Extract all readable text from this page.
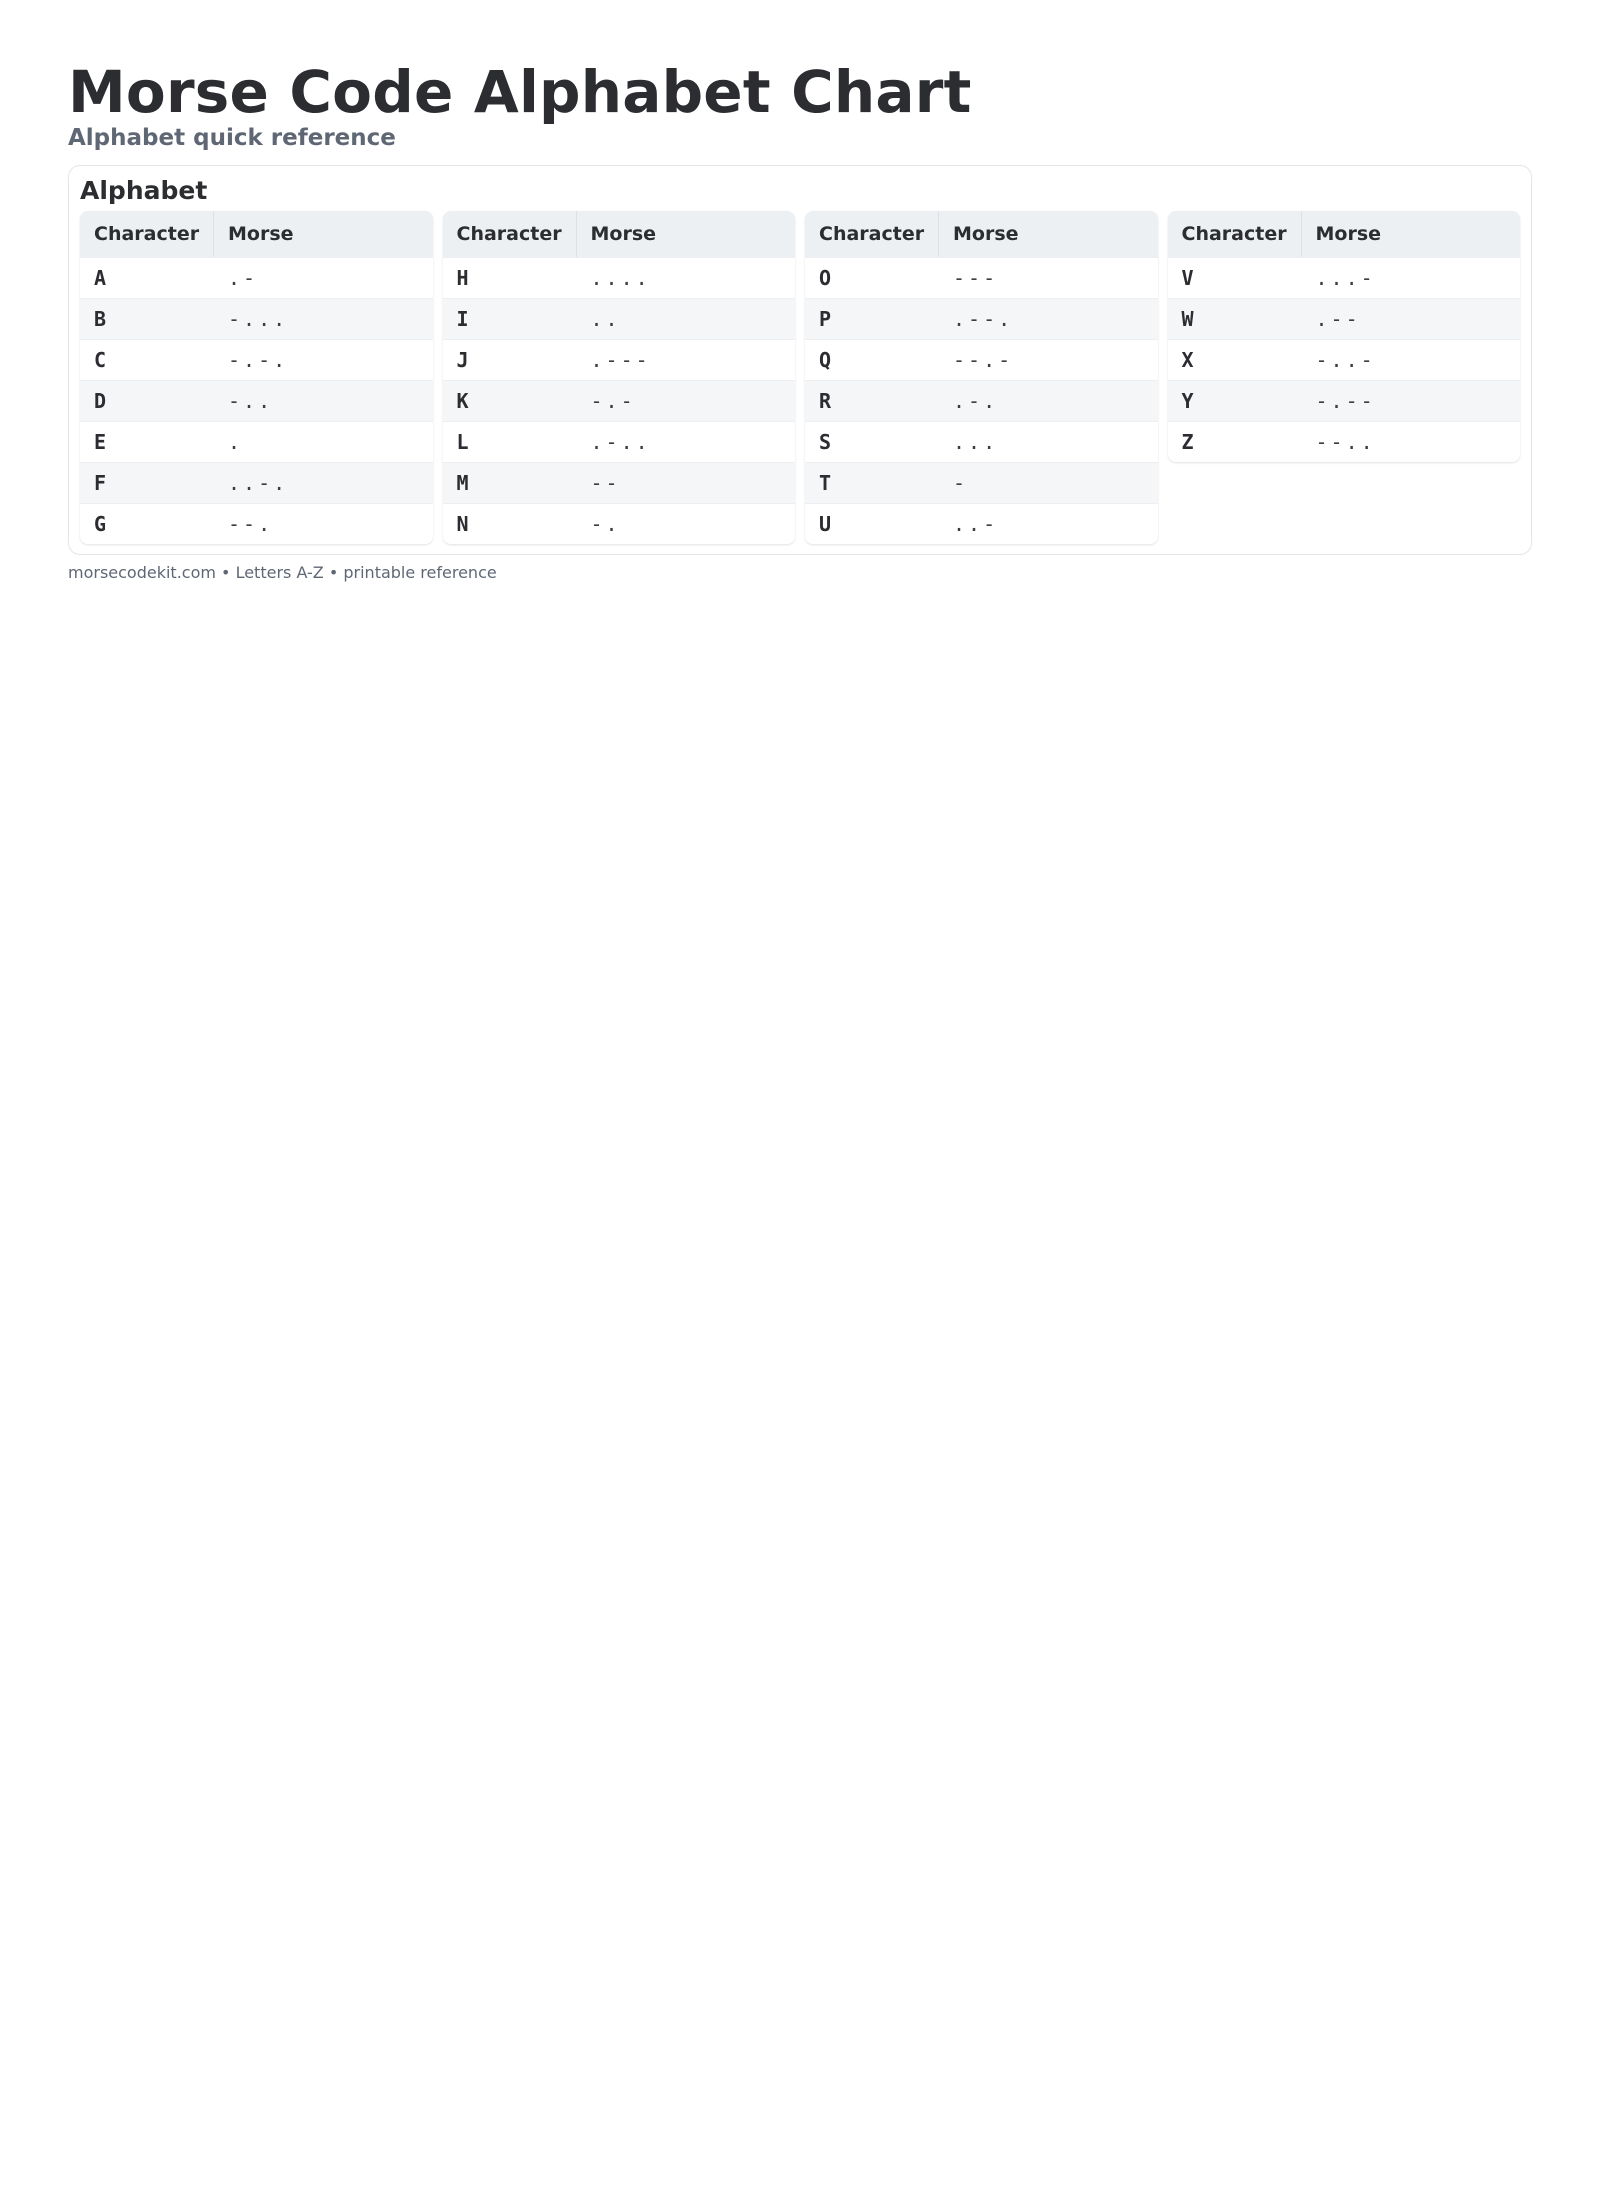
Morse Code Alphabet Chart
Alphabet quick reference
Alphabet
Character	Morse
A	.-
B	-...
C	-.-.
D	-..
E	.
F	..-.
G	--.
Character	Morse
H	....
I	..
J	.---
K	-.-
L	.-..
M	--
N	-.
Character	Morse
O	---
P	.--.
Q	--.-
R	.-.
S	...
T	-
U	..-
Character	Morse
V	...-
W	.--
X	-..-
Y	-.--
Z	--..
morsecodekit.com • Letters A-Z • printable reference
